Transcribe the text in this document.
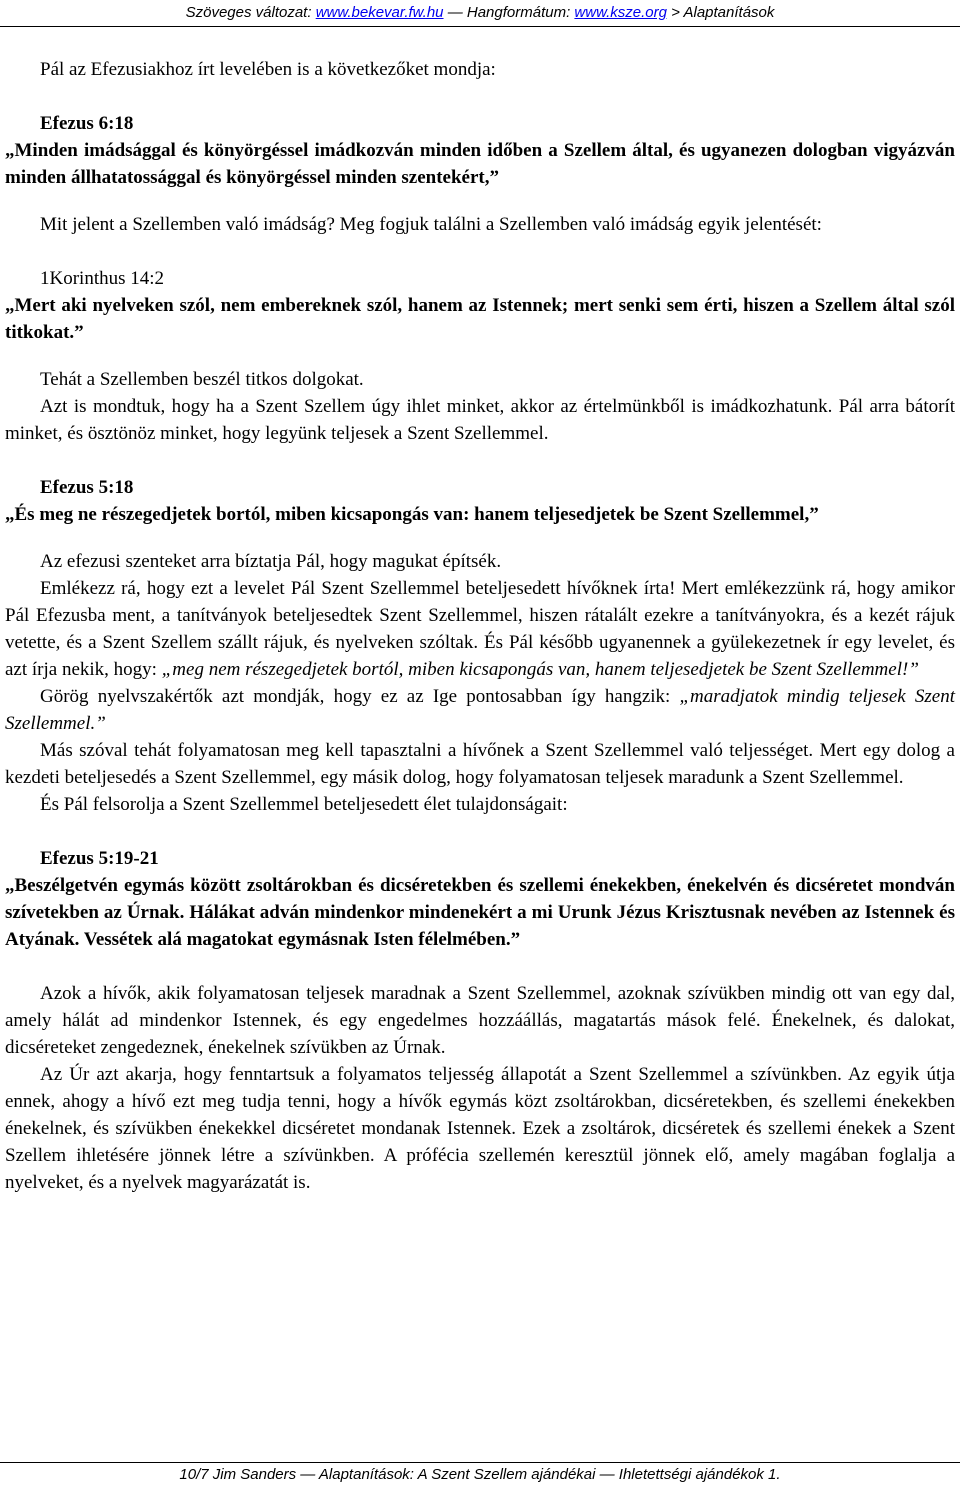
Szöveges változat: www.bekevar.fw.hu — Hangformátum: www.ksze.org > Alaptanítások

Pál az Efezusiakhoz írt levelében is a következőket mondja:

Efezus 6:18

„Minden imádsággal és könyörgéssel imádkozván minden időben a Szellem által, és ugyanezen dologban vigyázván minden állhatatossággal és könyörgéssel minden szentekért,”

Mit jelent a Szellemben való imádság? Meg fogjuk találni a Szellemben való imádság egyik jelentését:

1Korinthus 14:2

„Mert aki nyelveken szól, nem embereknek szól, hanem az Istennek; mert senki sem érti, hiszen a Szellem által szól titkokat.”

Tehát a Szellemben beszél titkos dolgokat.

Azt is mondtuk, hogy ha a Szent Szellem úgy ihlet minket, akkor az értelmünkből is imádkozhatunk. Pál arra bátorít minket, és ösztönöz minket, hogy legyünk teljesek a Szent Szellemmel.

Efezus 5:18

„És meg ne részegedjetek bortól, miben kicsapongás van: hanem teljesedjetek be Szent Szellemmel,”

Az efezusi szenteket arra bíztatja Pál, hogy magukat építsék.

Emlékezz rá, hogy ezt a levelet Pál Szent Szellemmel beteljesedett hívőknek írta! Mert emlékezzünk rá, hogy amikor Pál Efezusba ment, a tanítványok beteljesedtek Szent Szellemmel, hiszen rátalált ezekre a tanítványokra, és a kezét rájuk vetette, és a Szent Szellem szállt rájuk, és nyelveken szóltak. És Pál később ugyanennek a gyülekezetnek ír egy levelet, és azt írja nekik, hogy: „meg nem részegedjetek bortól, miben kicsapongás van, hanem teljesedjetek be Szent Szellemmel!”

Görög nyelvszakértők azt mondják, hogy ez az Ige pontosabban így hangzik: „maradjatok mindig teljesek Szent Szellemmel.”

Más szóval tehát folyamatosan meg kell tapasztalni a hívőnek a Szent Szellemmel való teljességet. Mert egy dolog a kezdeti beteljesedés a Szent Szellemmel, egy másik dolog, hogy folyamatosan teljesek maradunk a Szent Szellemmel.

És Pál felsorolja a Szent Szellemmel beteljesedett élet tulajdonságait:

Efezus 5:19-21

„Beszélgetvén egymás között zsoltárokban és dicséretekben és szellemi énekekben, énekelvén és dicséretet mondván szívetekben az Úrnak. Hálákat adván mindenkor mindenekért a mi Urunk Jézus Krisztusnak nevében az Istennek és Atyának. Vessétek alá magatokat egymásnak Isten félelmében.”

Azok a hívők, akik folyamatosan teljesek maradnak a Szent Szellemmel, azoknak szívükben mindig ott van egy dal, amely hálát ad mindenkor Istennek, és egy engedelmes hozzáállás, magatartás mások felé. Énekelnek, és dalokat, dicséreteket zengedeznek, énekelnek szívükben az Úrnak.

Az Úr azt akarja, hogy fenntartsuk a folyamatos teljesség állapotát a Szent Szellemmel a szívünkben. Az egyik útja ennek, ahogy a hívő ezt meg tudja tenni, hogy a hívők egymás közt zsoltárokban, dicséretekben, és szellemi énekekben énekelnek, és szívükben énekekkel dicséretet mondanak Istennek. Ezek a zsoltárok, dicséretek és szellemi énekek a Szent Szellem ihletésére jönnek létre a szívünkben. A prófécia szellemén keresztül jönnek elő, amely magában foglalja a nyelveket, és a nyelvek magyarázatát is.

10/7 Jim Sanders — Alaptanítások: A Szent Szellem ajándékai — Ihletettségi ajándékok 1.
